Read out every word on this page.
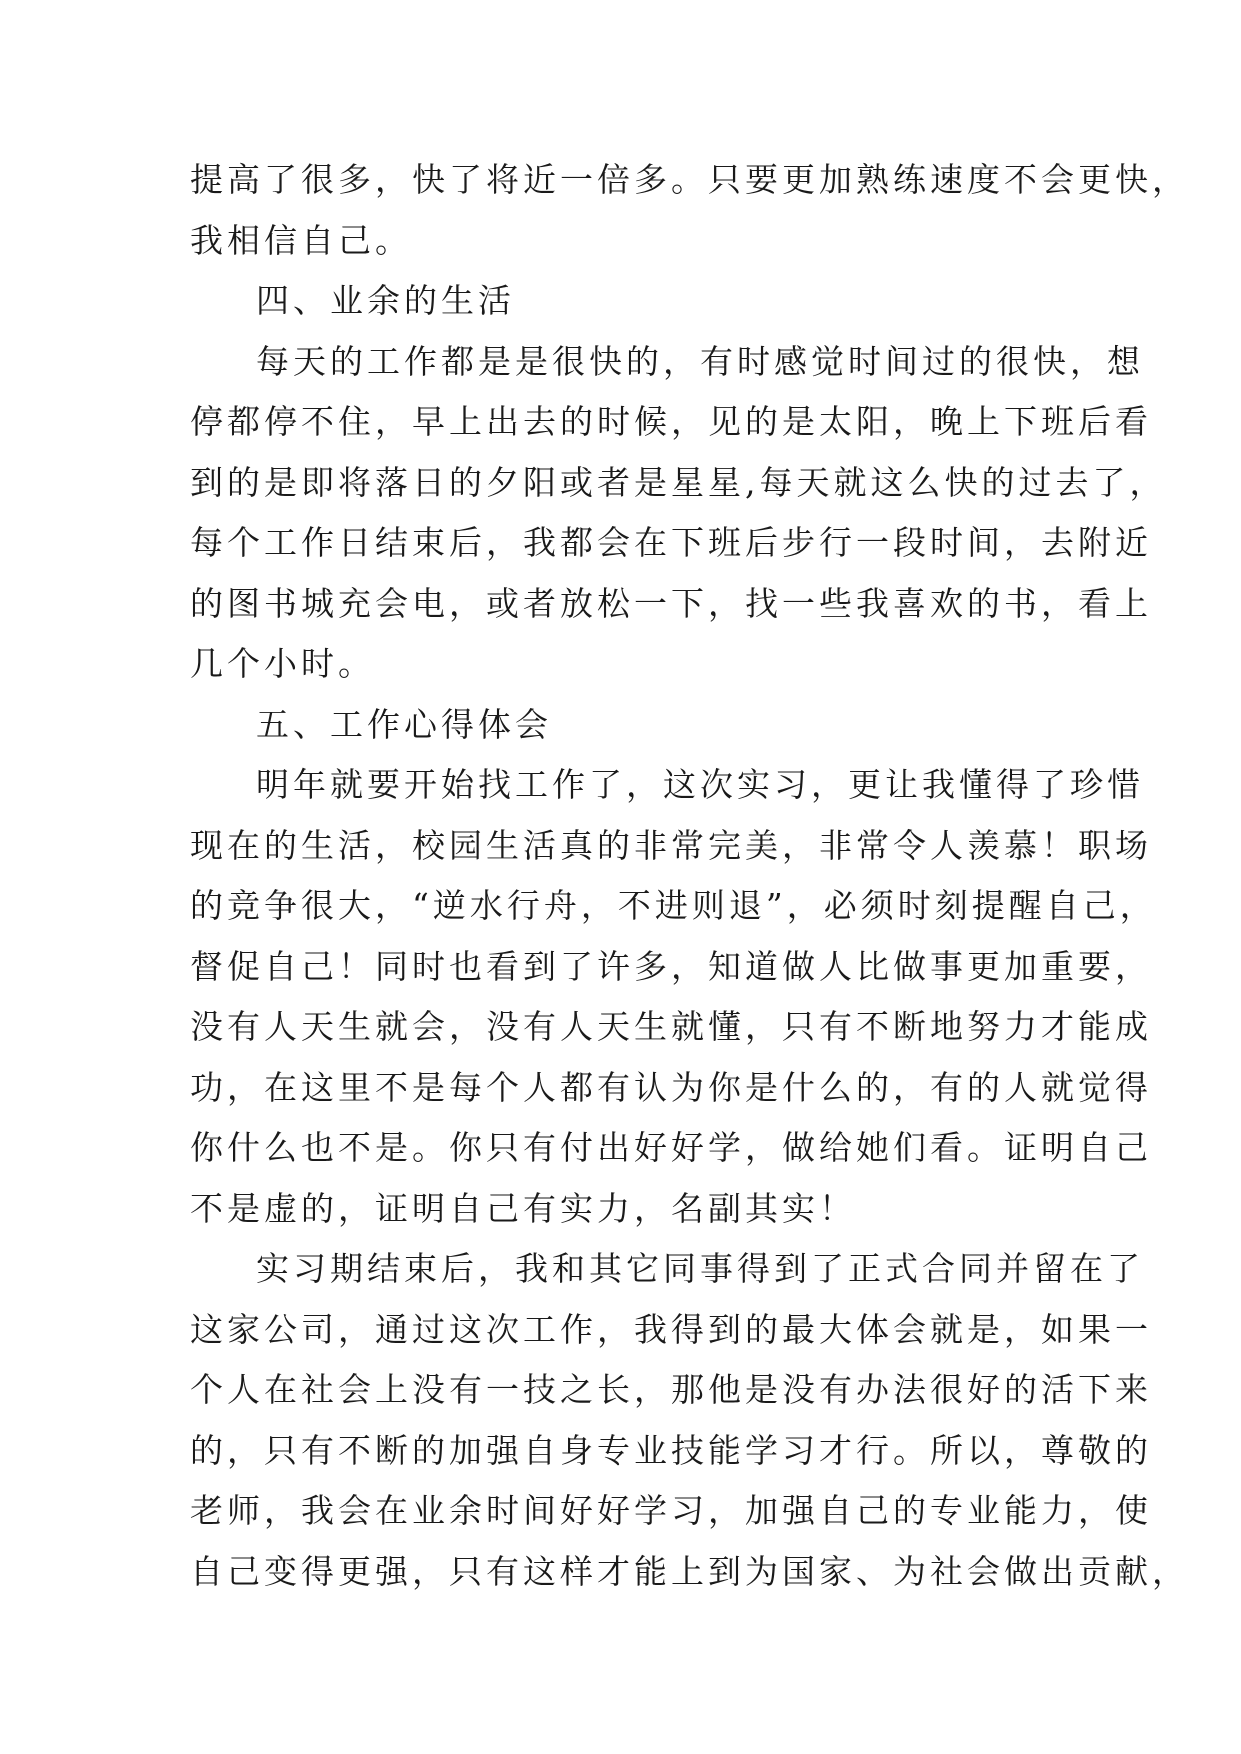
提高了很多，快了将近一倍多。只要更加熟练速度不会更快，
我相信自己。
四、业余的生活
每天的工作都是是很快的，有时感觉时间过的很快，想
停都停不住，早上出去的时候，见的是太阳，晚上下班后看
到的是即将落日的夕阳或者是星星,每天就这么快的过去了，
每个工作日结束后，我都会在下班后步行一段时间，去附近
的图书城充会电，或者放松一下，找一些我喜欢的书，看上
几个小时。
五、工作心得体会
明年就要开始找工作了，这次实习，更让我懂得了珍惜
现在的生活，校园生活真的非常完美，非常令人羡慕！职场
的竞争很大，“逆水行舟，不进则退”，必须时刻提醒自己，
督促自己！同时也看到了许多，知道做人比做事更加重要，
没有人天生就会，没有人天生就懂，只有不断地努力才能成
功，在这里不是每个人都有认为你是什么的，有的人就觉得
你什么也不是。你只有付出好好学，做给她们看。证明自己
不是虚的，证明自己有实力，名副其实！
实习期结束后，我和其它同事得到了正式合同并留在了
这家公司，通过这次工作，我得到的最大体会就是，如果一
个人在社会上没有一技之长，那他是没有办法很好的活下来
的，只有不断的加强自身专业技能学习才行。所以，尊敬的
老师，我会在业余时间好好学习，加强自己的专业能力，使
自己变得更强，只有这样才能上到为国家、为社会做出贡献，
